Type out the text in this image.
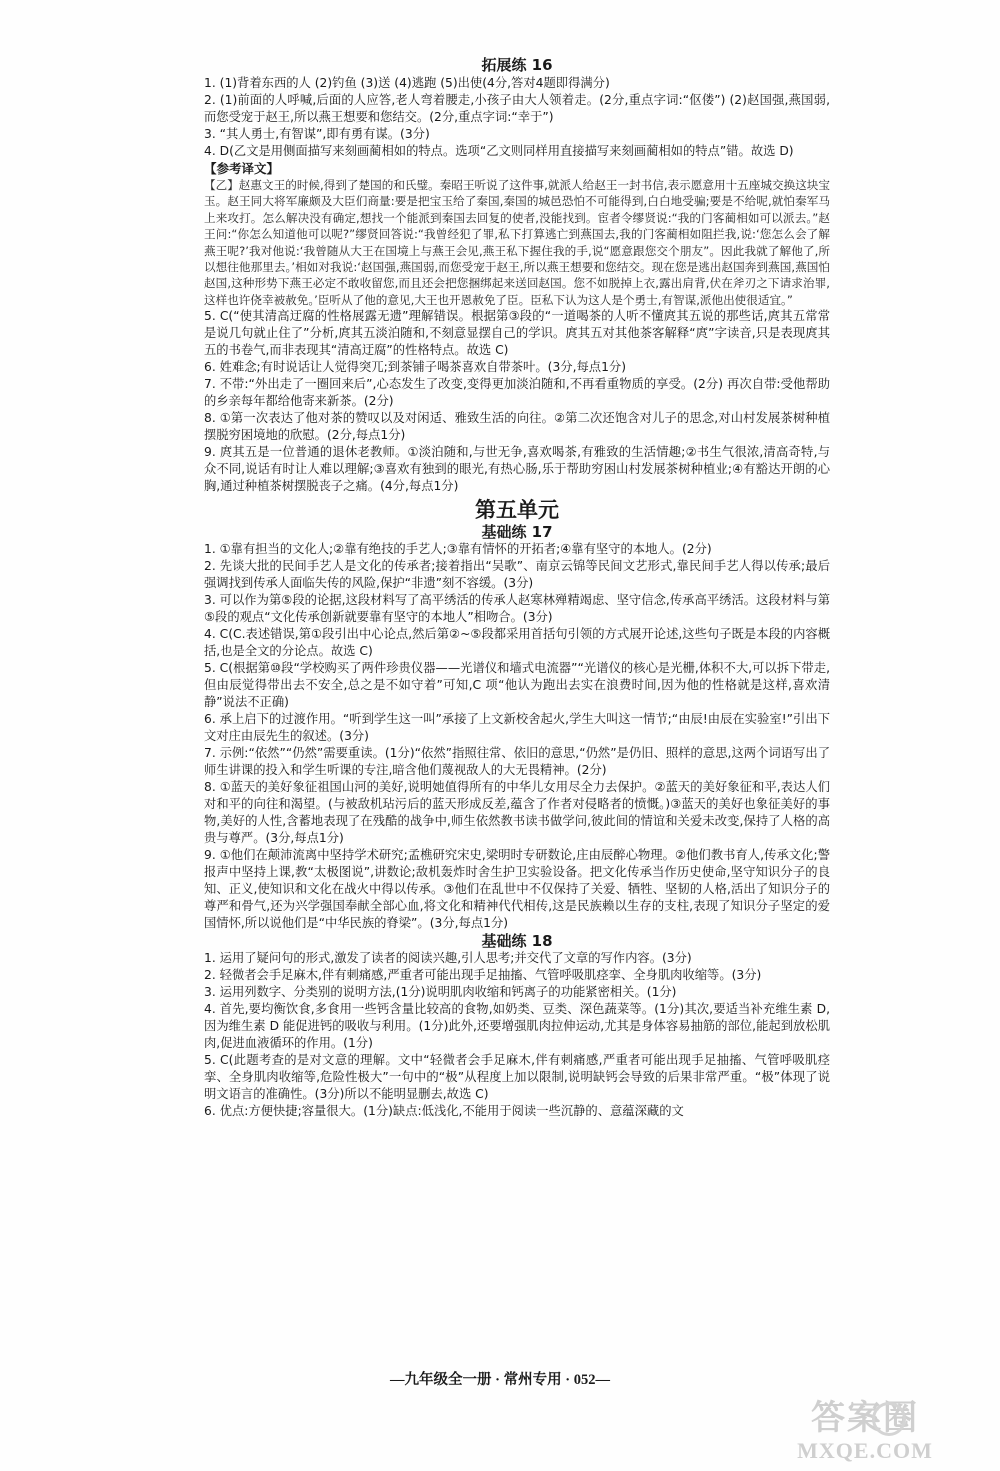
拓展练 16

1. (1)背着东西的人 (2)钓鱼 (3)送 (4)逃跑 (5)出使(4分,答对4题即得满分)

2. (1)前面的人呼喊,后面的人应答,老人弯着腰走,小孩子由大人领着走。(2分,重点字词:“伛偻”) (2)赵国强,燕国弱,而您受宠于赵王,所以燕王想要和您结交。(2分,重点字词:“幸于”)

3. “其人勇士,有智谋”,即有勇有谋。(3分)

4. D(乙文是用侧面描写来刻画蔺相如的特点。选项“乙文则同样用直接描写来刻画蔺相如的特点”错。故选 D)

【参考译文】

【乙】赵惠文王的时候,得到了楚国的和氏璧。秦昭王听说了这件事,就派人给赵王一封书信,表示愿意用十五座城交换这块宝玉。赵王同大将军廉颇及大臣们商量:要是把宝玉给了秦国,秦国的城邑恐怕不可能得到,白白地受骗;要是不给呢,就怕秦军马上来攻打。怎么解决没有确定,想找一个能派到秦国去回复的使者,没能找到。宦者令缪贤说:“我的门客蔺相如可以派去。”赵王问:“你怎么知道他可以呢?”缪贤回答说:“我曾经犯了罪,私下打算逃亡到燕国去,我的门客蔺相如阻拦我,说:‘您怎么会了解燕王呢?’我对他说:‘我曾随从大王在国境上与燕王会见,燕王私下握住我的手,说“愿意跟您交个朋友”。因此我就了解他了,所以想往他那里去。’相如对我说:‘赵国强,燕国弱,而您受宠于赵王,所以燕王想要和您结交。现在您是逃出赵国奔到燕国,燕国怕赵国,这种形势下燕王必定不敢收留您,而且还会把您捆绑起来送回赵国。您不如脱掉上衣,露出肩背,伏在斧刃之下请求治罪,这样也许侥幸被赦免。’臣听从了他的意见,大王也开恩赦免了臣。臣私下认为这人是个勇士,有智谋,派他出使很适宜。”

5. C(“使其清高迂腐的性格展露无遗”理解错误。根据第③段的“一道喝茶的人听不懂庹其五说的那些话,庹其五常常是说几句就止住了”分析,庹其五淡泊随和,不刻意显摆自己的学识。庹其五对其他茶客解释“庹”字读音,只是表现庹其五的书卷气,而非表现其“清高迂腐”的性格特点。故选 C)

6. 姓难念;有时说话让人觉得突兀;到茶铺子喝茶喜欢自带茶叶。(3分,每点1分)

7. 不带:“外出走了一圈回来后”,心态发生了改变,变得更加淡泊随和,不再看重物质的享受。(2分) 再次自带:受他帮助的乡亲每年都给他寄来新茶。(2分)

8. ①第一次表达了他对茶的赞叹以及对闲适、雅致生活的向往。②第二次还饱含对儿子的思念,对山村发展茶树种植摆脱穷困境地的欣慰。(2分,每点1分)

9. 庹其五是一位普通的退休老教师。①淡泊随和,与世无争,喜欢喝茶,有雅致的生活情趣;②书生气很浓,清高奇特,与众不同,说话有时让人难以理解;③喜欢有独到的眼光,有热心肠,乐于帮助穷困山村发展茶树种植业;④有豁达开朗的心胸,通过种植茶树摆脱丧子之痛。(4分,每点1分)

第五单元

基础练 17

1. ①靠有担当的文化人;②靠有绝技的手艺人;③靠有情怀的开拓者;④靠有坚守的本地人。(2分)

2. 先谈大批的民间手艺人是文化的传承者;接着指出“吴歌”、南京云锦等民间文艺形式,靠民间手艺人得以传承;最后强调找到传承人面临失传的风险,保护“非遗”刻不容缓。(3分)

3. 可以作为第⑤段的论据,这段材料写了高平绣活的传承人赵寒林殚精竭虑、坚守信念,传承高平绣活。这段材料与第⑤段的观点“文化传承创新就要靠有坚守的本地人”相吻合。(3分)

4. C(C.表述错误,第①段引出中心论点,然后第②~⑤段都采用首括句引领的方式展开论述,这些句子既是本段的内容概括,也是全文的分论点。故选 C)

5. C(根据第⑩段“学校购买了两件珍贵仪器——光谱仪和墙式电流器”“光谱仪的核心是光栅,体积不大,可以拆下带走,但由辰觉得带出去不安全,总之是不如守着”可知,C 项“他认为跑出去实在浪费时间,因为他的性格就是这样,喜欢清静”说法不正确)

6. 承上启下的过渡作用。“听到学生这一叫”承接了上文新校舍起火,学生大叫这一情节;“由辰!由辰在实验室!”引出下文对庄由辰先生的叙述。(3分)

7. 示例:“依然”“仍然”需要重读。(1分)“依然”指照往常、依旧的意思,“仍然”是仍旧、照样的意思,这两个词语写出了师生讲课的投入和学生听课的专注,暗含他们蔑视敌人的大无畏精神。(2分)

8. ①蓝天的美好象征祖国山河的美好,说明她值得所有的中华儿女用尽全力去保护。②蓝天的美好象征和平,表达人们对和平的向往和渴望。(与被敌机玷污后的蓝天形成反差,蕴含了作者对侵略者的愤慨。)③蓝天的美好也象征美好的事物,美好的人性,含蓄地表现了在残酷的战争中,师生依然教书读书做学问,彼此间的情谊和关爱未改变,保持了人格的高贵与尊严。(3分,每点1分)

9. ①他们在颠沛流离中坚持学术研究;孟樵研究宋史,梁明时专研数论,庄由辰醉心物理。②他们教书育人,传承文化;警报声中坚持上课,教“太极图说”,讲数论;敌机轰炸时舍生护卫实验设备。把文化传承当作历史使命,坚守知识分子的良知、正义,使知识和文化在战火中得以传承。③他们在乱世中不仅保持了关爱、牺牲、坚韧的人格,活出了知识分子的尊严和骨气,还为兴学强国奉献全部心血,将文化和精神代代相传,这是民族赖以生存的支柱,表现了知识分子坚定的爱国情怀,所以说他们是“中华民族的脊梁”。(3分,每点1分)

基础练 18

1. 运用了疑问句的形式,激发了读者的阅读兴趣,引人思考;并交代了文章的写作内容。(3分)

2. 轻微者会手足麻木,伴有刺痛感,严重者可能出现手足抽搐、气管呼吸肌痉挛、全身肌肉收缩等。(3分)

3. 运用列数字、分类别的说明方法,(1分)说明肌肉收缩和钙离子的功能紧密相关。(1分)

4. 首先,要均衡饮食,多食用一些钙含量比较高的食物,如奶类、豆类、深色蔬菜等。(1分)其次,要适当补充维生素 D,因为维生素 D 能促进钙的吸收与利用。(1分)此外,还要增强肌肉拉伸运动,尤其是身体容易抽筋的部位,能起到放松肌肉,促进血液循环的作用。(1分)

5. C(此题考查的是对文意的理解。文中“轻微者会手足麻木,伴有刺痛感,严重者可能出现手足抽搐、气管呼吸肌痉挛、全身肌肉收缩等,危险性极大”一句中的“极”从程度上加以限制,说明缺钙会导致的后果非常严重。“极”体现了说明文语言的准确性。(3分)所以不能明显删去,故选 C)

6. 优点:方便快捷;容量很大。(1分)缺点:低浅化,不能用于阅读一些沉静的、意蕴深藏的文

—九年级全一册 · 常州专用 · 052—
答案圈
MXQE.COM
